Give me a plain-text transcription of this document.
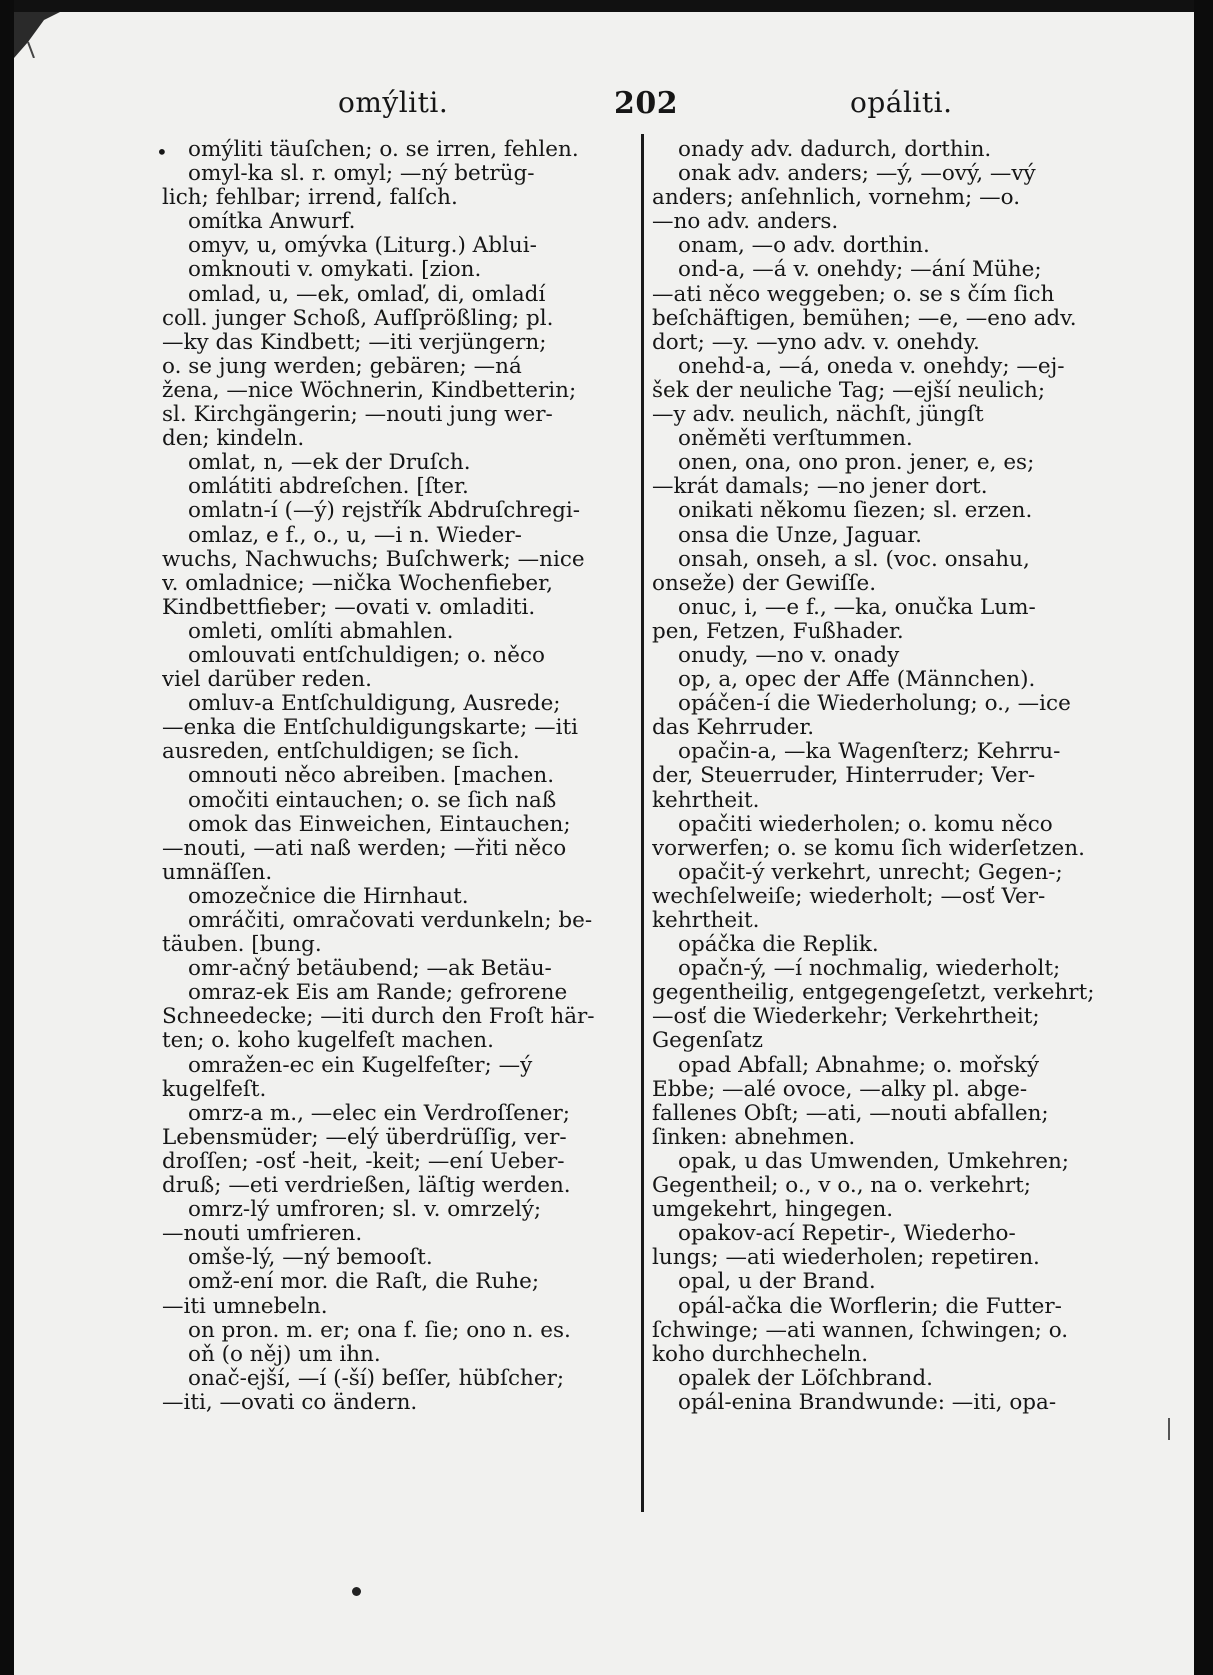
omýliti.	202	opáliti.
• omýliti täuſchen; o. se irren, fehlen.
omyl-ka sl. r. omyl; —ný betrüg-
lich; fehlbar; irrend, falſch.
omítka Anwurf.
omyv, u, omývka (Liturg.) Ablui-
omknouti v. omykati. [zion.
omlad, u, —ek, omlaď, di, omladí
coll. junger Schoß, Aufſprößling; pl.
—ky das Kindbett; —iti verjüngern;
o. se jung werden; gebären; —ná
žena, —nice Wöchnerin, Kindbetterin;
sl. Kirchgängerin; —nouti jung wer-
den; kindeln.
omlat, n, —ek der Druſch.
omlátiti abdreſchen. [ſter.
omlatn-í (—ý) rejstřík Abdruſchregi-
omlaz, e f., o., u, —i n. Wieder-
wuchs, Nachwuchs; Buſchwerk; —nice
v. omladnice; —nička Wochenfieber,
Kindbettfieber; —ovati v. omladiti.
omleti, omlíti abmahlen.
omlouvati entſchuldigen; o. něco
viel darüber reden.
omluv-a Entſchuldigung, Ausrede;
—enka die Entſchuldigungskarte; —iti
ausreden, entſchuldigen; se ſich.
omnouti něco abreiben. [machen.
omočiti eintauchen; o. se ſich naß
omok das Einweichen, Eintauchen;
—nouti, —ati naß werden; —řiti něco
umnäſſen.
omozečnice die Hirnhaut.
omráčiti, omračovati verdunkeln; be-
täuben. [bung.
omr-ačný betäubend; —ak Betäu-
omraz-ek Eis am Rande; gefrorene
Schneedecke; —iti durch den Froſt här-
ten; o. koho kugelfeſt machen.
omražen-ec ein Kugelfeſter; —ý
kugelfeſt.
omrz-a m., —elec ein Verdroſſener;
Lebensmüder; —elý überdrüſſig, ver-
droſſen; -osť -heit, -keit; —ení Ueber-
druß; —eti verdrießen, läſtig werden.
omrz-lý umfroren; sl. v. omrzelý;
—nouti umfrieren.
omše-lý, —ný bemooſt.
omž-ení mor. die Raſt, die Ruhe;
—iti umnebeln.
on pron. m. er; ona f. ſie; ono n. es.
oň (o něj) um ihn.
onač-ejší, —í (-ší) beſſer, hübſcher;
—iti, —ovati co ändern.
onady adv. dadurch, dorthin.
onak adv. anders; —ý, —ový, —vý
anders; anſehnlich, vornehm; —o.
—no adv. anders.
onam, —o adv. dorthin.
ond-a, —á v. onehdy; —ání Mühe;
—ati něco weggeben; o. se s čím ſich
beſchäftigen, bemühen; —e, —eno adv.
dort; —y. —yno adv. v. onehdy.
onehd-a, —á, oneda v. onehdy; —ej-
šek der neuliche Tag; —ejší neulich;
—y adv. neulich, nächſt, jüngſt
oněměti verſtummen.
onen, ona, ono pron. jener, e, es;
—krát damals; —no jener dort.
onikati někomu ſiezen; sl. erzen.
onsa die Unze, Jaguar.
onsah, onseh, a sl. (voc. onsahu,
onseže) der Gewiſſe.
onuc, i, —e f., —ka, onučka Lum-
pen, Fetzen, Fußhader.
onudy, —no v. onady
op, a, opec der Affe (Männchen).
opáčen-í die Wiederholung; o., —ice
das Kehrruder.
opačin-a, —ka Wagenſterz; Kehrru-
der, Steuerruder, Hinterruder; Ver-
kehrtheit.
opačiti wiederholen; o. komu něco
vorwerfen; o. se komu ſich widerſetzen.
opačit-ý verkehrt, unrecht; Gegen-;
wechſelweiſe; wiederholt; —osť Ver-
kehrtheit.
opáčka die Replik.
opačn-ý, —í nochmalig, wiederholt;
gegentheilig, entgegengeſetzt, verkehrt;
—osť die Wiederkehr; Verkehrtheit;
Gegenſatz
opad Abfall; Abnahme; o. mořský
Ebbe; —alé ovoce, —alky pl. abge-
fallenes Obſt; —ati, —nouti abfallen;
ſinken: abnehmen.
opak, u das Umwenden, Umkehren;
Gegentheil; o., v o., na o. verkehrt;
umgekehrt, hingegen.
opakov-ací Repetir-, Wiederho-
lungs; —ati wiederholen; repetiren.
opal, u der Brand.
opál-ačka die Worflerin; die Futter-
ſchwinge; —ati wannen, ſchwingen; o.
koho durchhecheln.
opalek der Löſchbrand.
opál-enina Brandwunde: —iti, opa-
